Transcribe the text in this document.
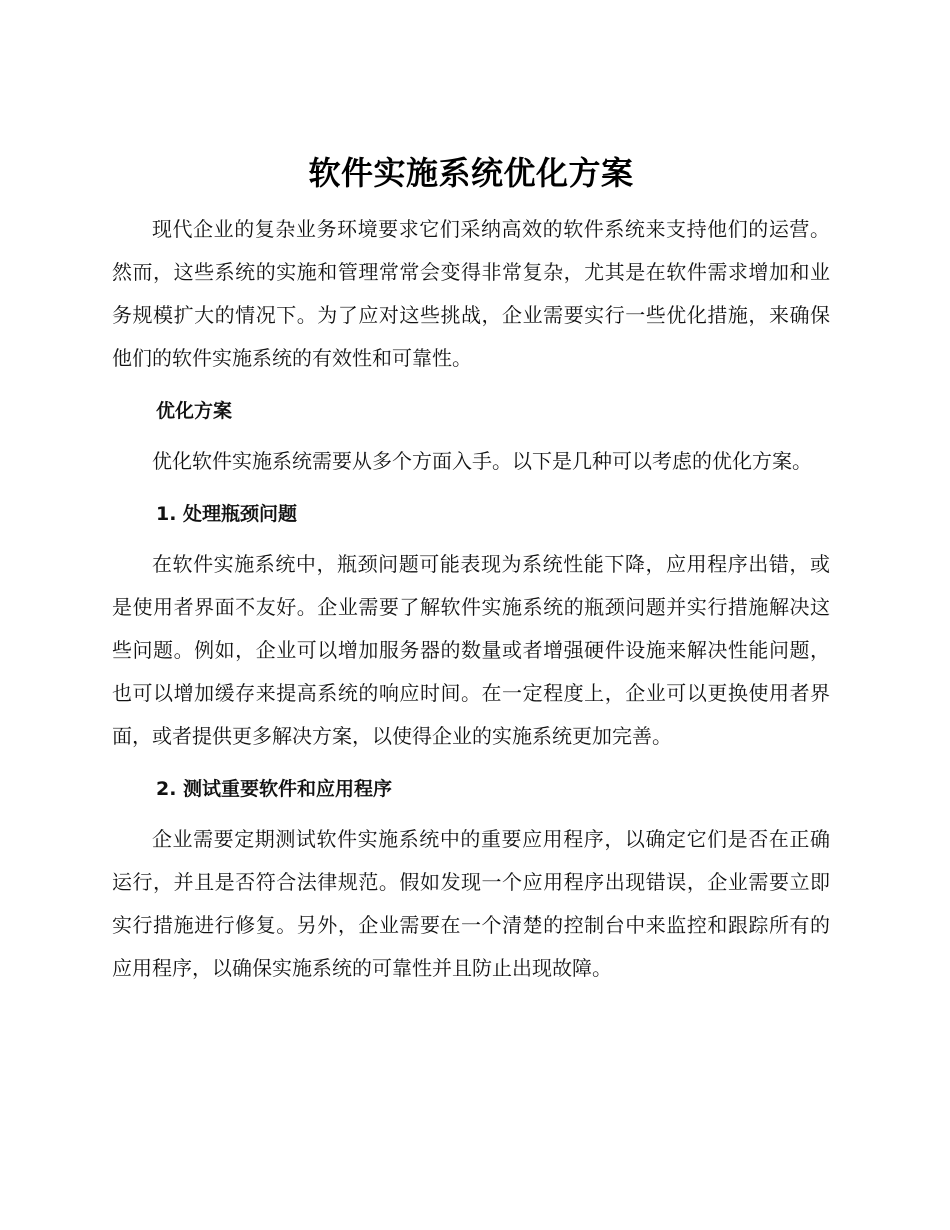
软件实施系统优化方案

现代企业的复杂业务环境要求它们采纳高效的软件系统来支持他们的运营。然而，这些系统的实施和管理常常会变得非常复杂，尤其是在软件需求增加和业务规模扩大的情况下。为了应对这些挑战，企业需要实行一些优化措施，来确保他们的软件实施系统的有效性和可靠性。

优化方案

优化软件实施系统需要从多个方面入手。以下是几种可以考虑的优化方案。

1. 处理瓶颈问题

在软件实施系统中，瓶颈问题可能表现为系统性能下降，应用程序出错，或是使用者界面不友好。企业需要了解软件实施系统的瓶颈问题并实行措施解决这些问题。例如，企业可以增加服务器的数量或者增强硬件设施来解决性能问题，也可以增加缓存来提高系统的响应时间。在一定程度上，企业可以更换使用者界面，或者提供更多解决方案，以使得企业的实施系统更加完善。

2. 测试重要软件和应用程序

企业需要定期测试软件实施系统中的重要应用程序，以确定它们是否在正确运行，并且是否符合法律规范。假如发现一个应用程序出现错误，企业需要立即实行措施进行修复。另外，企业需要在一个清楚的控制台中来监控和跟踪所有的应用程序，以确保实施系统的可靠性并且防止出现故障。
